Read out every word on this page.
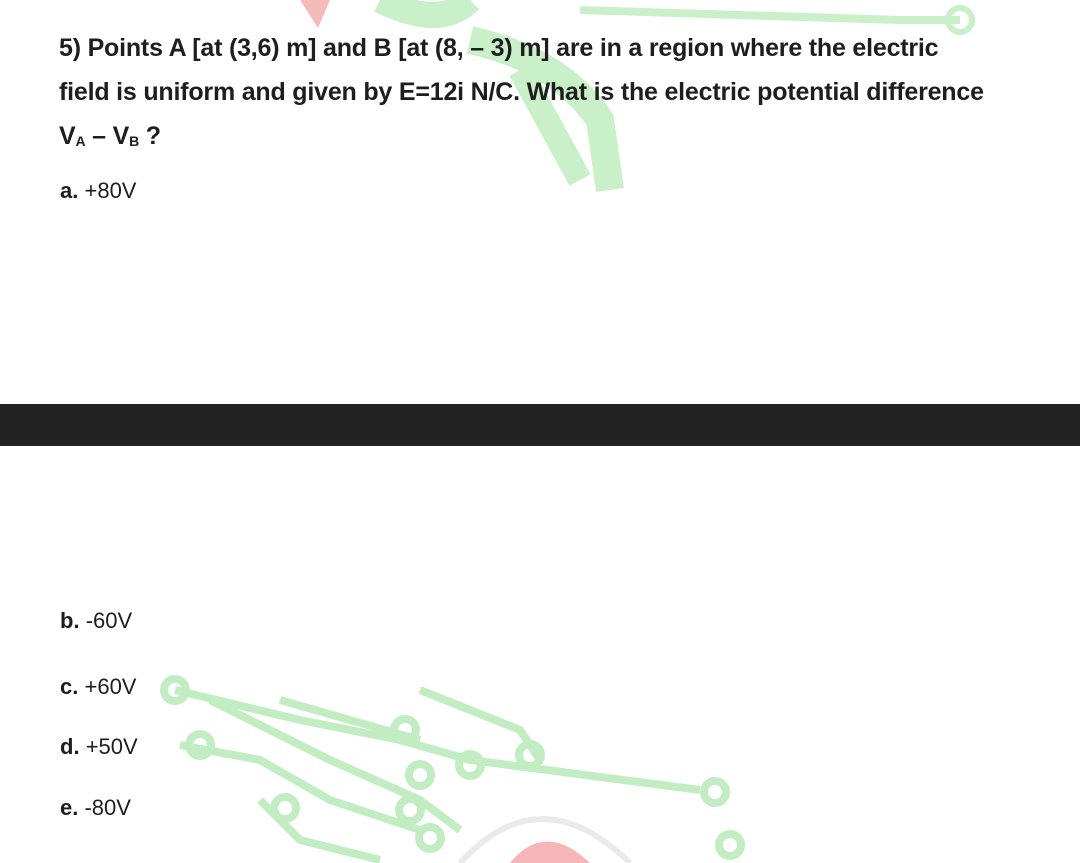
5) Points A [at (3,6) m] and B [at (8, – 3) m] are in a region where the electric
field is uniform and given by E=12i N/C. What is the electric potential difference
VA – VB ?
a. +80V
b. -60V
c. +60V
d. +50V
e. -80V
